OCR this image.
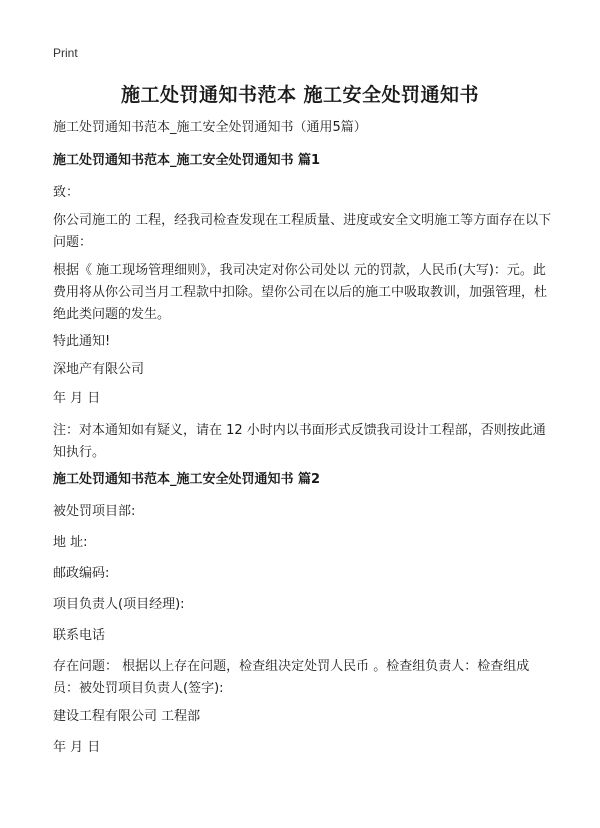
Print
施工处罚通知书范本 施工安全处罚通知书

施工处罚通知书范本_施工安全处罚通知书（通用5篇）

施工处罚通知书范本_施工安全处罚通知书 篇1

致：

你公司施工的 工程，经我司检查发现在工程质量、进度或安全文明施工等方面存在以下问题：

根据《 施工现场管理细则》，我司决定对你公司处以 元的罚款，人民币(大写)：元。此费用将从你公司当月工程款中扣除。望你公司在以后的施工中吸取教训，加强管理，杜绝此类问题的发生。

特此通知!

深地产有限公司

年 月 日

注：对本通知如有疑义，请在 12 小时内以书面形式反馈我司设计工程部，否则按此通知执行。

施工处罚通知书范本_施工安全处罚通知书 篇2

被处罚项目部:

地 址:

邮政编码:

项目负责人(项目经理):

联系电话

存在问题： 根据以上存在问题，检查组决定处罚人民币 。检查组负责人：检查组成员：被处罚项目负责人(签字):

建设工程有限公司 工程部

年 月 日
